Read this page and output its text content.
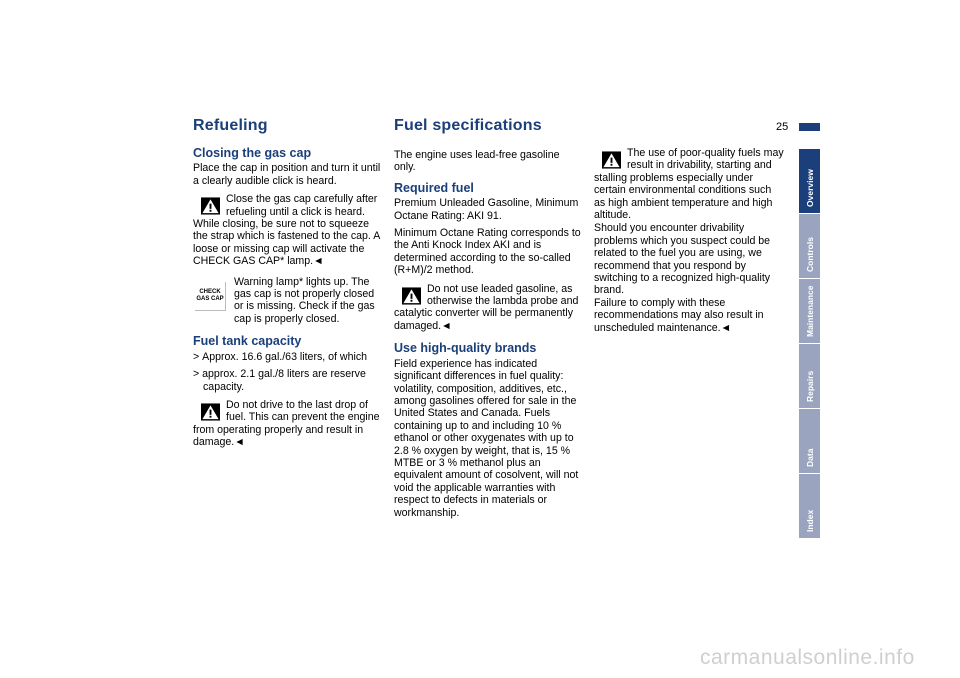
Refueling	Fuel specifications	25
Closing the gas cap

Place the cap in position and turn it until a clearly audible click is heard.

Close the gas cap carefully after refueling until a click is heard. While closing, be sure not to squeeze the strap which is fastened to the cap. A loose or missing cap will activate the CHECK GAS CAP* lamp.◄
CHECK
GAS CAP
Warning lamp* lights up. The gas cap is not properly closed or is missing. Check if the gas cap is properly closed.
Fuel tank capacity

> Approx. 16.6 gal./63 liters, of which

> approx. 2.1 gal./8 liters are reserve capacity.

Do not drive to the last drop of fuel. This can prevent the engine from operating properly and result in damage.◄

The engine uses lead-free gasoline only.

Required fuel

Premium Unleaded Gasoline, Minimum Octane Rating: AKI 91.

Minimum Octane Rating corresponds to the Anti Knock Index AKI and is determined according to the so-called (R+M)/2 method.

Do not use leaded gasoline, as otherwise the lambda probe and catalytic converter will be permanently damaged.◄
Use high-quality brands

Field experience has indicated significant differences in fuel quality: volatility, composition, additives, etc., among gasolines offered for sale in the United States and Canada. Fuels containing up to and including 10 % ethanol or other oxygenates with up to 2.8 % oxygen by weight, that is, 15 % MTBE or 3 % methanol plus an equivalent amount of cosolvent, will not void the applicable warranties with respect to defects in materials or workmanship.

The use of poor-quality fuels may result in drivability, starting and stalling problems especially under certain environmental conditions such as high ambient temperature and high altitude.

Should you encounter drivability problems which you suspect could be related to the fuel you are using, we recommend that you respond by switching to a recognized high-quality brand.

Failure to comply with these recommendations may also result in unscheduled maintenance.◄

Overview
Controls
Maintenance
Repairs
Data
Index
carmanualsonline.info
